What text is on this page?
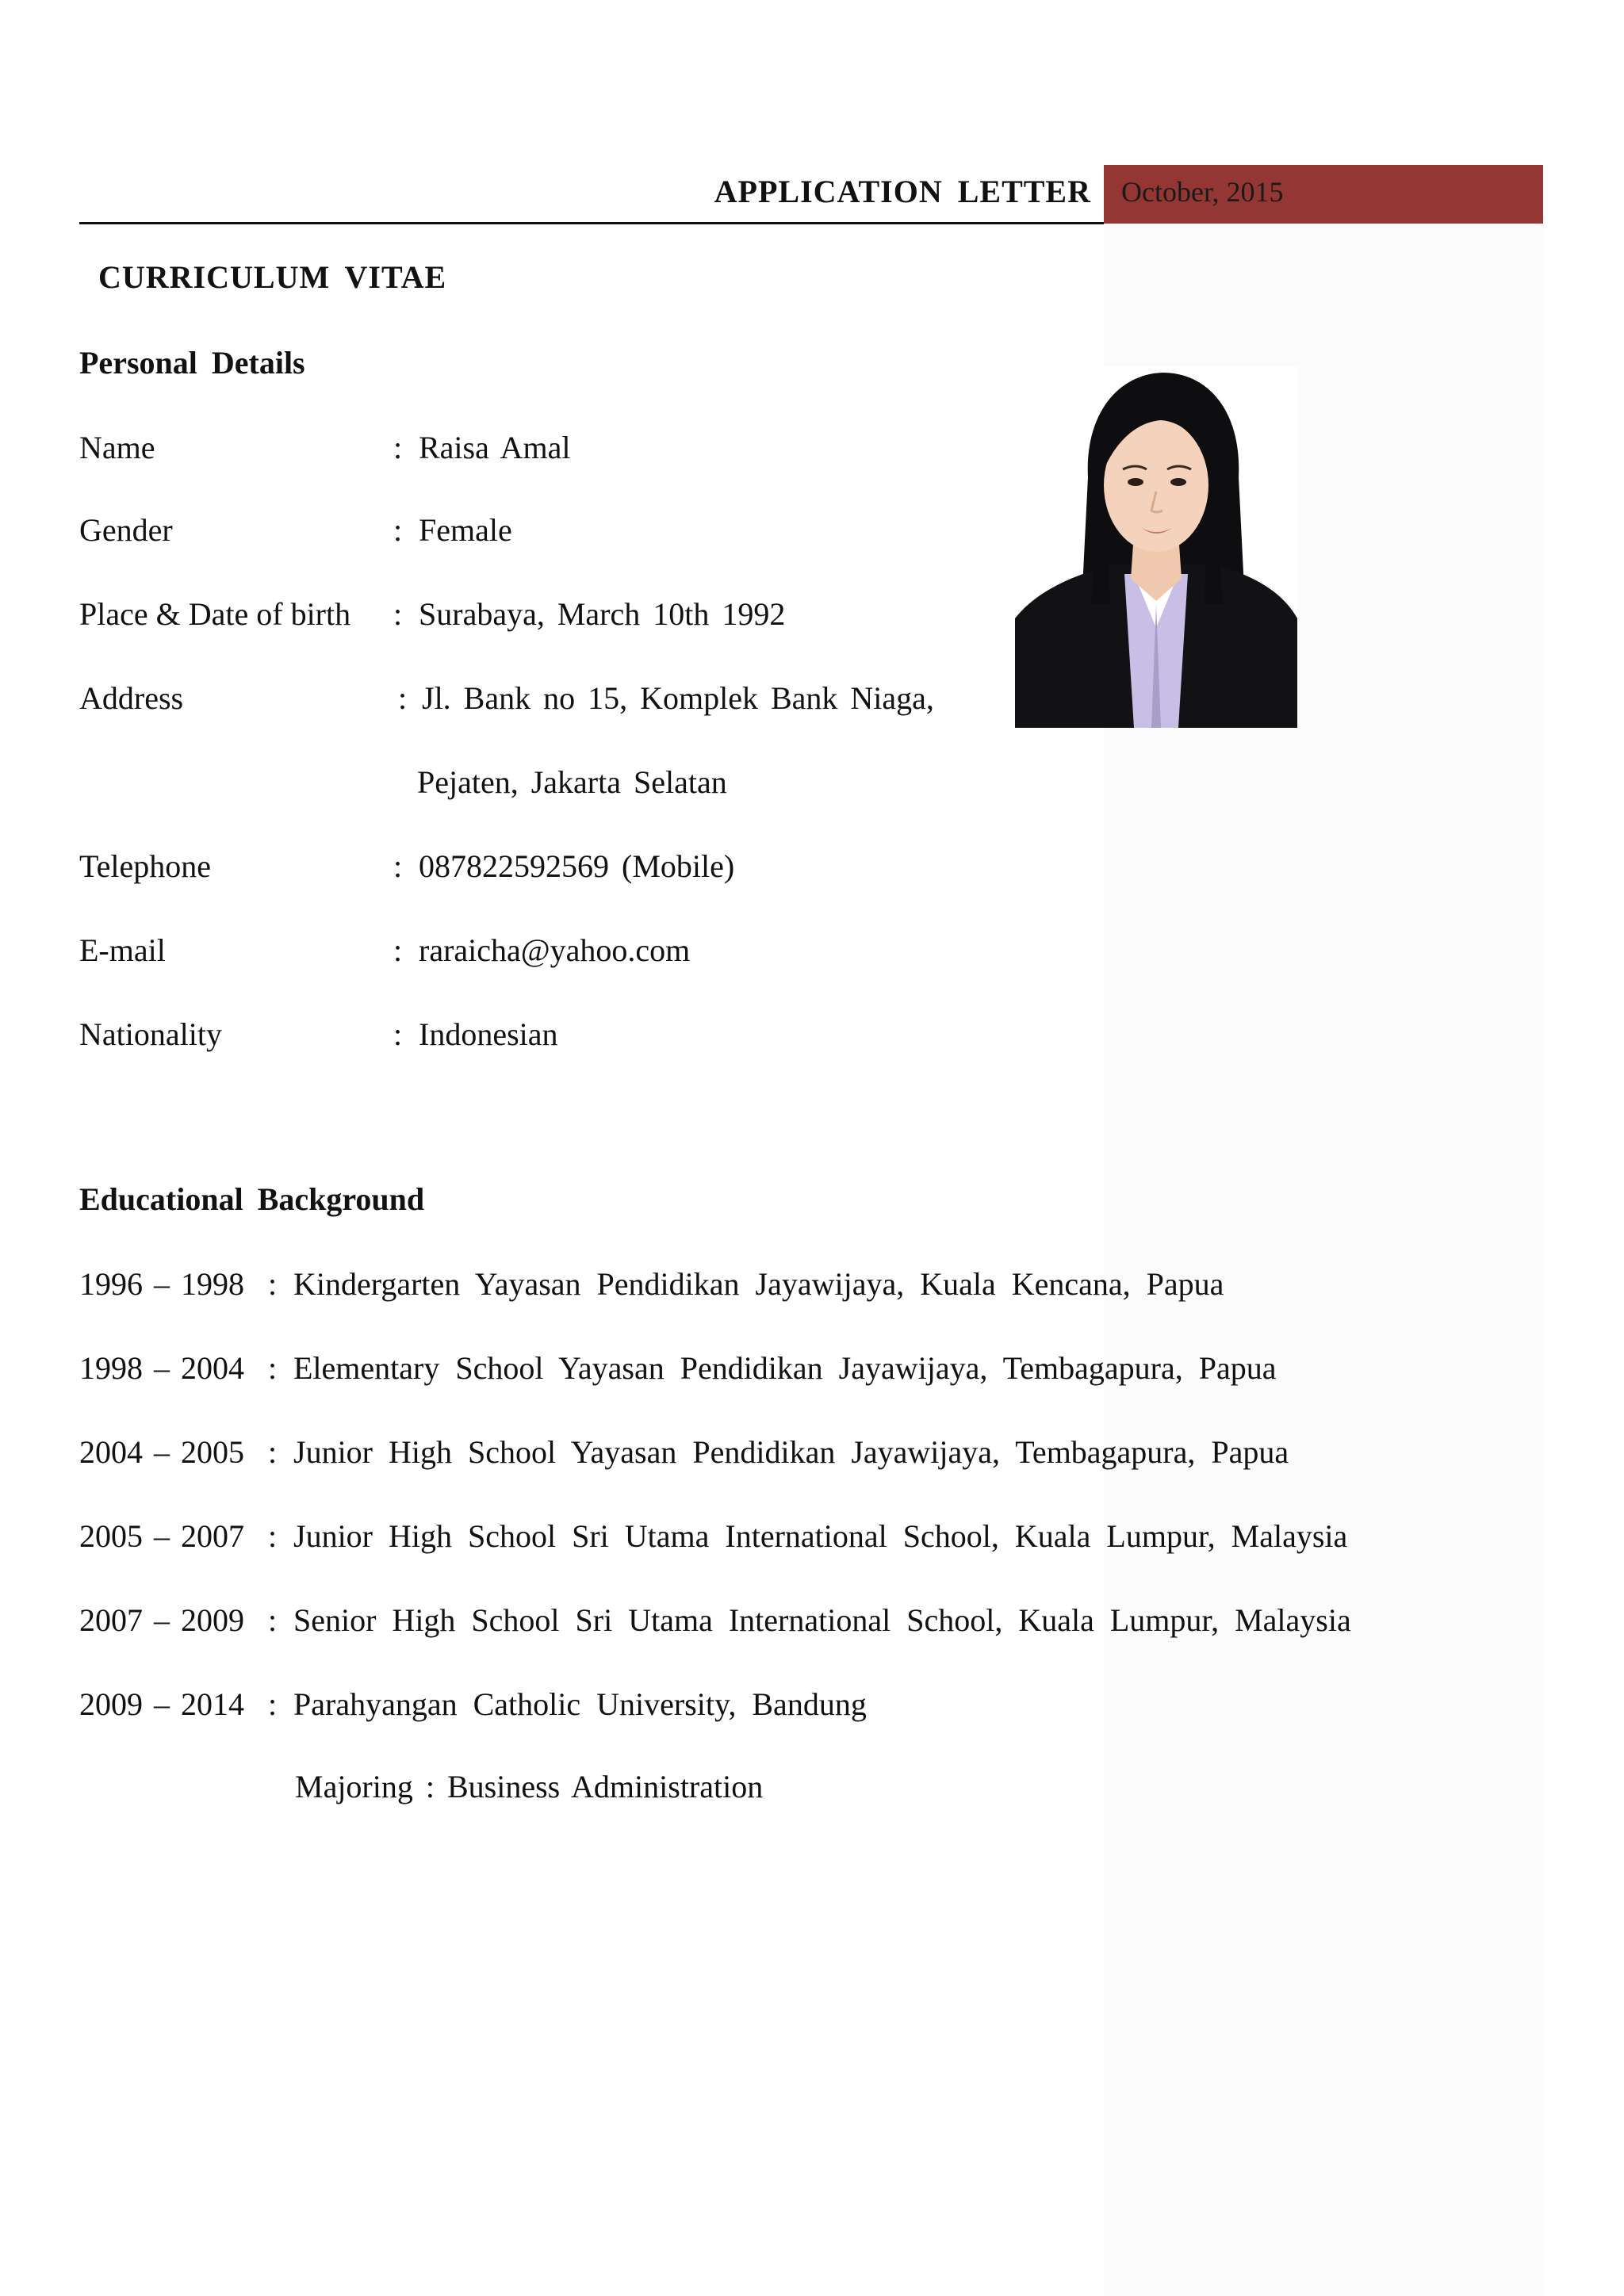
APPLICATION LETTER October, 2015
CURRICULUM VITAE
Personal Details
Name	: Raisa Amal
Gender	: Female
Place & Date of birth : Surabaya, March 10th 1992
Address	: Jl. Bank no 15, Komplek Bank Niaga,
Pejaten, Jakarta Selatan
Telephone	: 087822592569 (Mobile)
E-mail	: raraicha@yahoo.com
Nationality	: Indonesian
Educational Background
1996 – 1998 : Kindergarten Yayasan Pendidikan Jayawijaya, Kuala Kencana, Papua
1998 – 2004 : Elementary School Yayasan Pendidikan Jayawijaya, Tembagapura, Papua
2004 – 2005 : Junior High School Yayasan Pendidikan Jayawijaya, Tembagapura, Papua
2005 – 2007 : Junior High School Sri Utama International School, Kuala Lumpur, Malaysia
2007 – 2009 : Senior High School Sri Utama International School, Kuala Lumpur, Malaysia
2009 – 2014 : Parahyangan Catholic University, Bandung
Majoring : Business Administration
